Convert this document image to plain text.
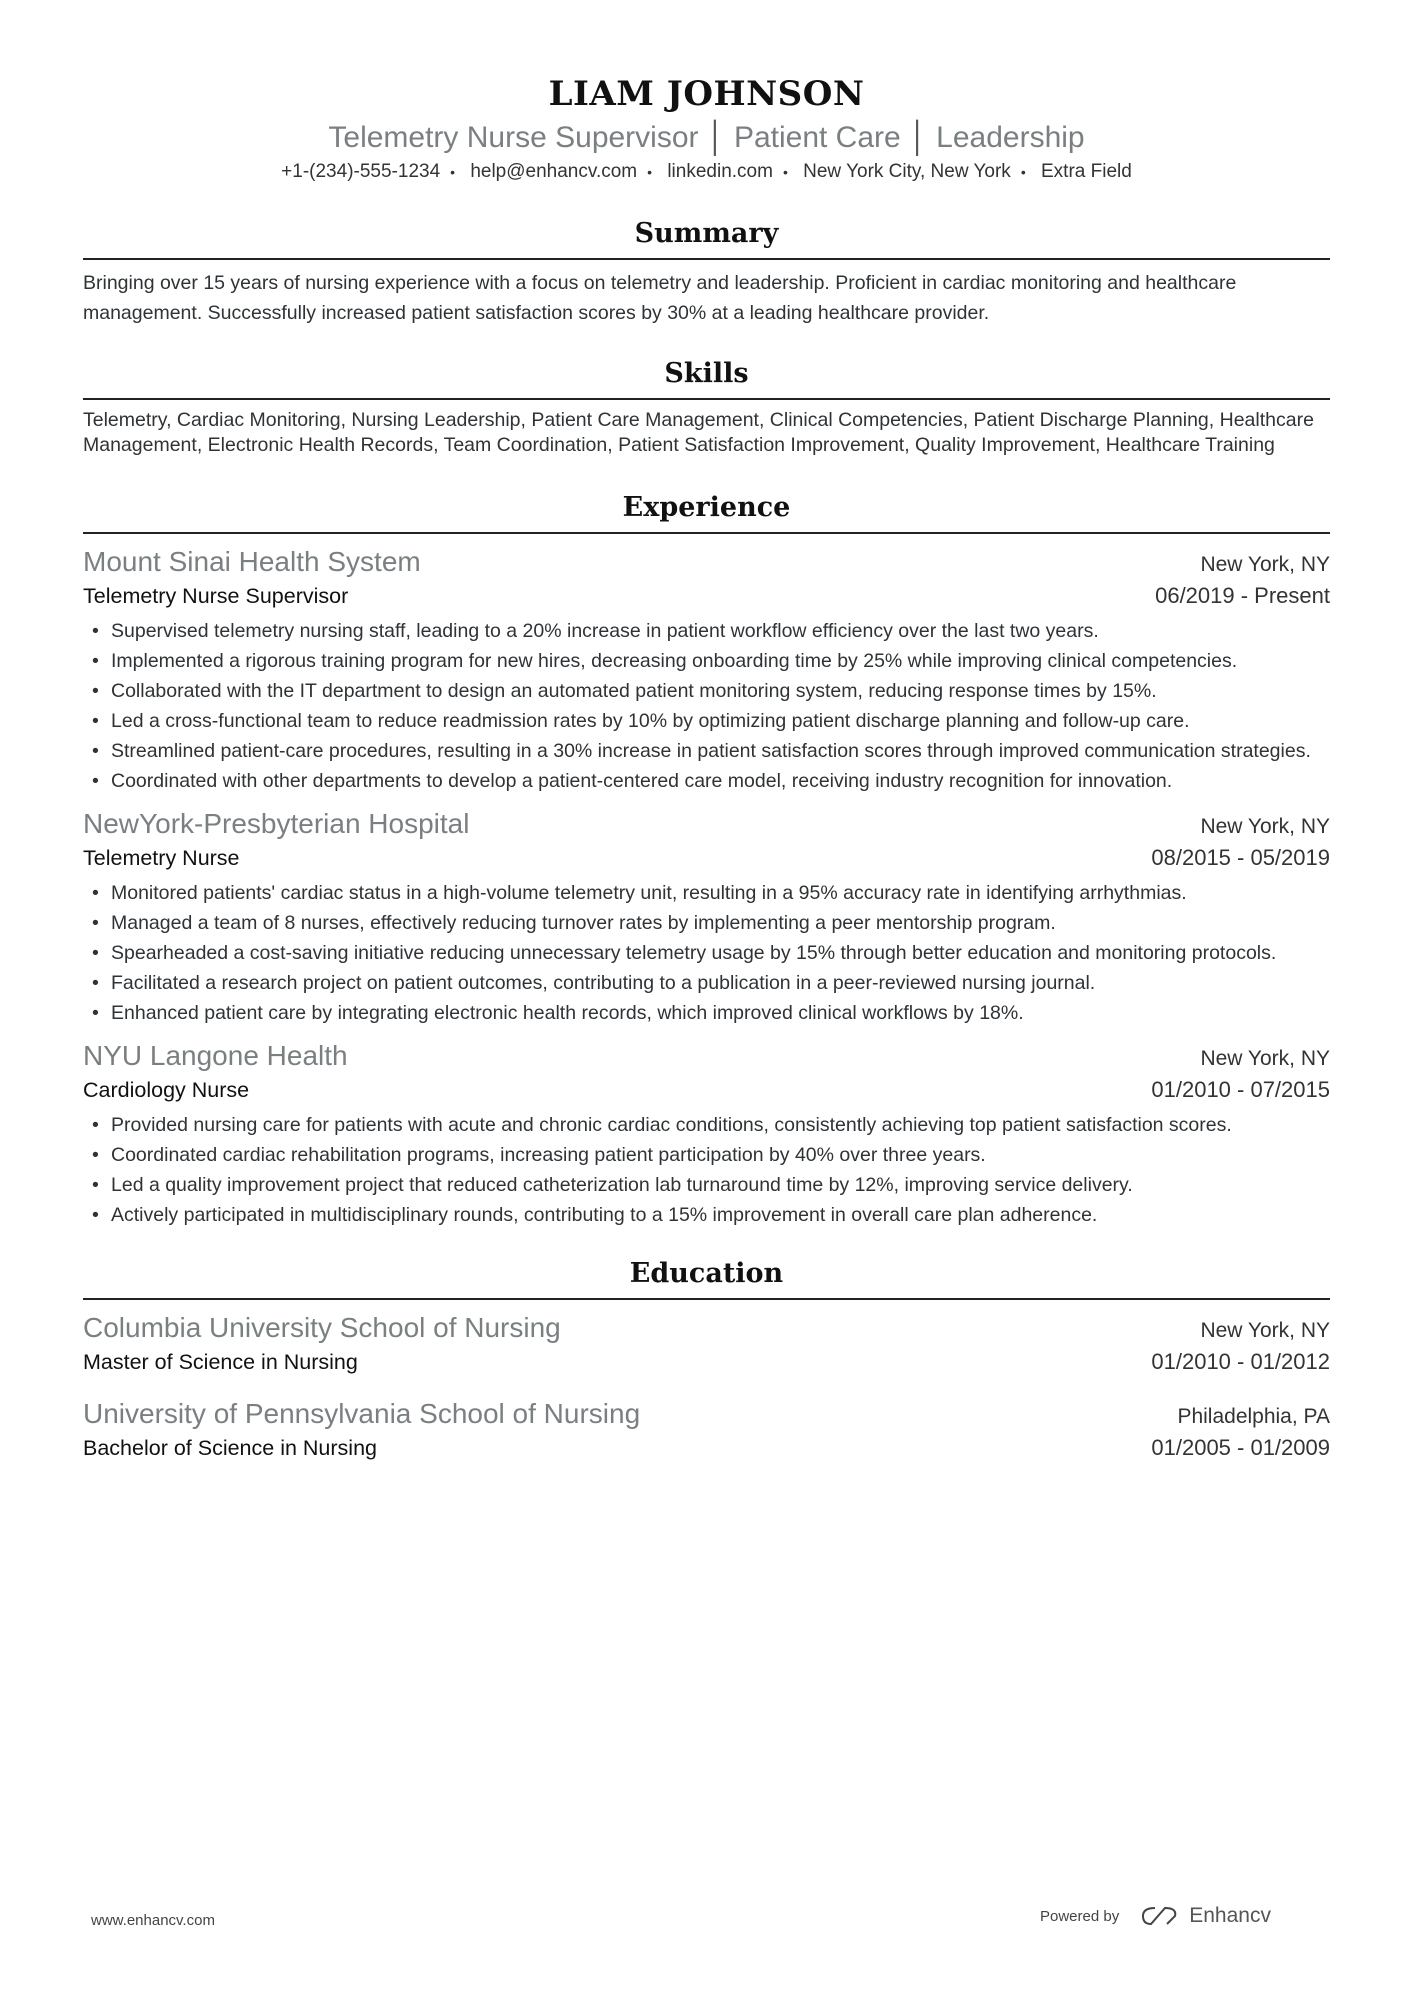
LIAM JOHNSON
Telemetry Nurse Supervisor │ Patient Care │ Leadership
+1-(234)-555-1234 • help@enhancv.com • linkedin.com • New York City, New York • Extra Field
Summary
Bringing over 15 years of nursing experience with a focus on telemetry and leadership. Proficient in cardiac monitoring and healthcare management. Successfully increased patient satisfaction scores by 30% at a leading healthcare provider.
Skills
Telemetry, Cardiac Monitoring, Nursing Leadership, Patient Care Management, Clinical Competencies, Patient Discharge Planning, Healthcare Management, Electronic Health Records, Team Coordination, Patient Satisfaction Improvement, Quality Improvement, Healthcare Training
Experience
Mount Sinai Health System	New York, NY
Telemetry Nurse Supervisor	06/2019 - Present
• Supervised telemetry nursing staff, leading to a 20% increase in patient workflow efficiency over the last two years.
• Implemented a rigorous training program for new hires, decreasing onboarding time by 25% while improving clinical competencies.
• Collaborated with the IT department to design an automated patient monitoring system, reducing response times by 15%.
• Led a cross-functional team to reduce readmission rates by 10% by optimizing patient discharge planning and follow-up care.
• Streamlined patient-care procedures, resulting in a 30% increase in patient satisfaction scores through improved communication strategies.
• Coordinated with other departments to develop a patient-centered care model, receiving industry recognition for innovation.
NewYork-Presbyterian Hospital	New York, NY
Telemetry Nurse	08/2015 - 05/2019
• Monitored patients' cardiac status in a high-volume telemetry unit, resulting in a 95% accuracy rate in identifying arrhythmias.
• Managed a team of 8 nurses, effectively reducing turnover rates by implementing a peer mentorship program.
• Spearheaded a cost-saving initiative reducing unnecessary telemetry usage by 15% through better education and monitoring protocols.
• Facilitated a research project on patient outcomes, contributing to a publication in a peer-reviewed nursing journal.
• Enhanced patient care by integrating electronic health records, which improved clinical workflows by 18%.
NYU Langone Health	New York, NY
Cardiology Nurse	01/2010 - 07/2015
• Provided nursing care for patients with acute and chronic cardiac conditions, consistently achieving top patient satisfaction scores.
• Coordinated cardiac rehabilitation programs, increasing patient participation by 40% over three years.
• Led a quality improvement project that reduced catheterization lab turnaround time by 12%, improving service delivery.
• Actively participated in multidisciplinary rounds, contributing to a 15% improvement in overall care plan adherence.
Education
Columbia University School of Nursing	New York, NY
Master of Science in Nursing	01/2010 - 01/2012
University of Pennsylvania School of Nursing	Philadelphia, PA
Bachelor of Science in Nursing	01/2005 - 01/2009
www.enhancv.com	Powered by	Enhancv
